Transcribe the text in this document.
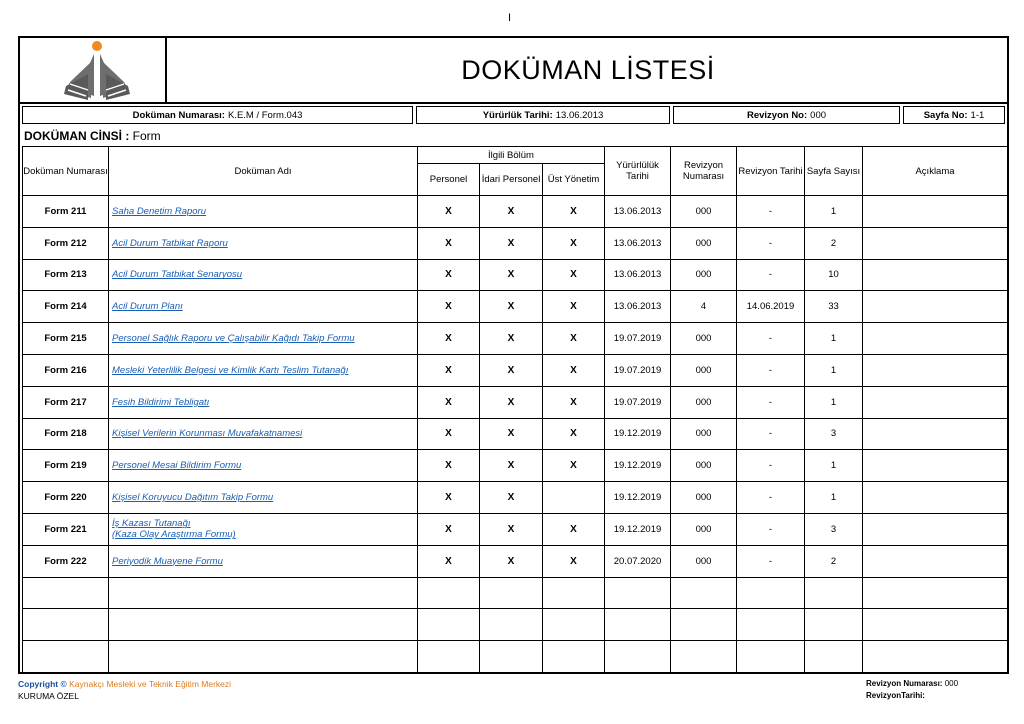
I
DOKÜMAN LİSTESİ
Doküman Numarası: K.E.M / Form.043	Yürürlük Tarihi: 13.06.2013	Revizyon No: 000	Sayfa No: 1-1
DOKÜMAN CİNSİ : Form
Doküman Numarası	Doküman Adı	İlgili Bölüm			Yürürlülük Tarihi	Revizyon Numarası	Revizyon Tarihi	Sayfa Sayısı	Açıklama
		Personel	İdari Personel	Üst Yönetim					
Form 211	Saha Denetim Raporu	X	X	X	13.06.2013	000	-	1	
Form 212	Acil Durum Tatbikat Raporu	X	X	X	13.06.2013	000	-	2	
Form 213	Acil Durum Tatbikat Senaryosu	X	X	X	13.06.2013	000	-	10	
Form 214	Acil Durum Planı	X	X	X	13.06.2013	4	14.06.2019	33	
Form 215	Personel Sağlık Raporu ve Çalışabilir Kağıdı Takip Formu	X	X	X	19.07.2019	000	-	1	
Form 216	Mesleki Yeterlilik Belgesi ve Kimlik Kartı Teslim Tutanağı	X	X	X	19.07.2019	000	-	1	
Form 217	Fesih Bildirimi Tebligatı	X	X	X	19.07.2019	000	-	1	
Form 218	Kişisel Verilerin Korunması Muvafakatnamesi	X	X	X	19.12.2019	000	-	3	
Form 219	Personel Mesai Bildirim Formu	X	X	X	19.12.2019	000	-	1	
Form 220	Kişisel Koruyucu Dağıtım Takip Formu	X	X		19.12.2019	000	-	1	
Form 221	İş Kazası Tutanağı
(Kaza Olay Araştırma Formu)	X	X	X	19.12.2019	000	-	3	
Form 222	Periyodik Muayene Formu	X	X	X	20.07.2020	000	-	2	

Copyright © Kaynakçı Mesleki ve Teknik Eğitim Merkezi
KURUMA ÖZEL
Revizyon Numarası: 000
RevizyonTarihi:
